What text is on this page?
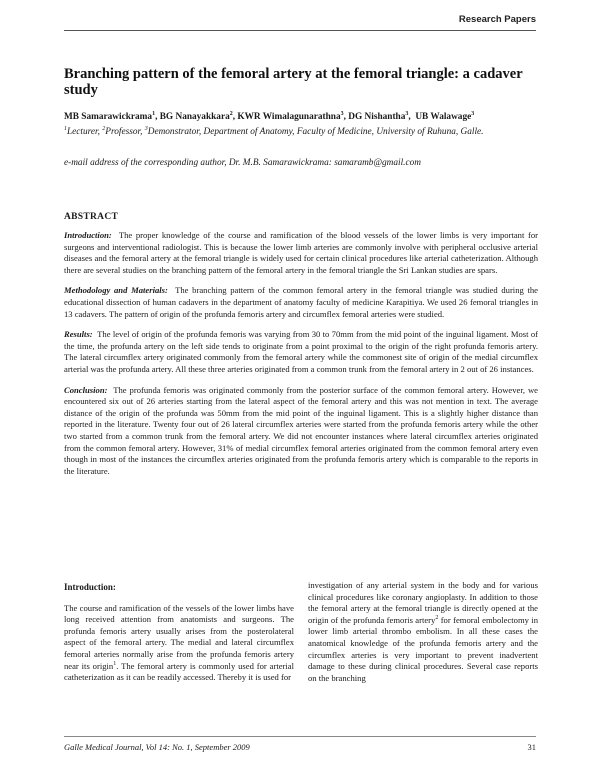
Research Papers
Branching pattern of the femoral artery at the femoral triangle: a cadaver study

MB Samarawickrama$^1$, BG Nanayakkara$^2$, KWR Wimalagunarathna$^3$, DG Nishantha$^3$,  UB Walawage$^3$

$^1$Lecturer, $^2$Professor, $^3$Demonstrator, Department of Anatomy, Faculty of Medicine, University of Ruhuna, Galle.

e-mail address of the corresponding author, Dr. M.B. Samarawickrama: samaramb@gmail.com

ABSTRACT

Introduction: The proper knowledge of the course and ramification of the blood vessels of the lower limbs is very important for surgeons and interventional radiologist. This is because the lower limb arteries are commonly involve with peripheral occlusive arterial diseases and the femoral artery at the femoral triangle is widely used for certain clinical procedures like arterial catheterization. Although there are several studies on the branching pattern of the femoral artery in the femoral triangle the Sri Lankan studies are spars.

Methodology and Materials: The branching pattern of the common femoral artery in the femoral triangle was studied during the educational dissection of human cadavers in the department of anatomy faculty of medicine Karapitiya. We used 26 femoral triangles in 13 cadavers. The pattern of origin of the profunda femoris artery and circumflex femoral arteries were studied.

Results: The level of origin of the profunda femoris was varying from 30 to 70mm from the mid point of the inguinal ligament. Most of the time, the profunda artery on the left side tends to originate from a point proximal to the origin of the right profunda femoris artery. The lateral circumflex artery originated commonly from the femoral artery while the commonest site of origin of the medial circumflex arterial was the profunda artery. All these three arteries originated from a common trunk from the femoral artery in 2 out of 26 instances.

Conclusion: The profunda femoris was originated commonly from the posterior surface of the common femoral artery. However, we encountered six out of 26 arteries starting from the lateral aspect of the femoral artery and this was not mention in text. The average distance of the origin of the profunda was 50mm from the mid point of the inguinal ligament. This is a slightly higher distance than reported in the literature. Twenty four out of 26 lateral circumflex arteries were started from the profunda femoris artery while the other two started from a common trunk from the femoral artery. We did not encounter instances where lateral circumflex arteries originated from the common femoral artery. However, 31% of medial circumflex femoral arteries originated from the common femoral artery even though in most of the instances the circumflex arteries originated from the profunda femoris artery which is comparable to the reports in the literature.

Introduction:

The course and ramification of the vessels of the lower limbs have long received attention from anatomists and surgeons. The profunda femoris artery usually arises from the posterolateral aspect of the femoral artery. The medial and lateral circumflex femoral arteries normally arise from the profunda femoris artery near its origin$^1$. The femoral artery is commonly used for arterial catheterization as it can be readily accessed. Thereby it is used for

investigation of any arterial system in the body and for various clinical procedures like coronary angioplasty. In addition to those the femoral artery at the femoral triangle is directly opened at the origin of the profunda femoris artery$^2$ for femoral embolectomy in lower limb arterial thrombo embolism. In all these cases the anatomical knowledge of the profunda femoris artery and the circumflex arteries is very important to prevent inadvertent damage to these during clinical procedures. Several case reports on the branching

Galle Medical Journal, Vol 14: No. 1, September 2009	31
